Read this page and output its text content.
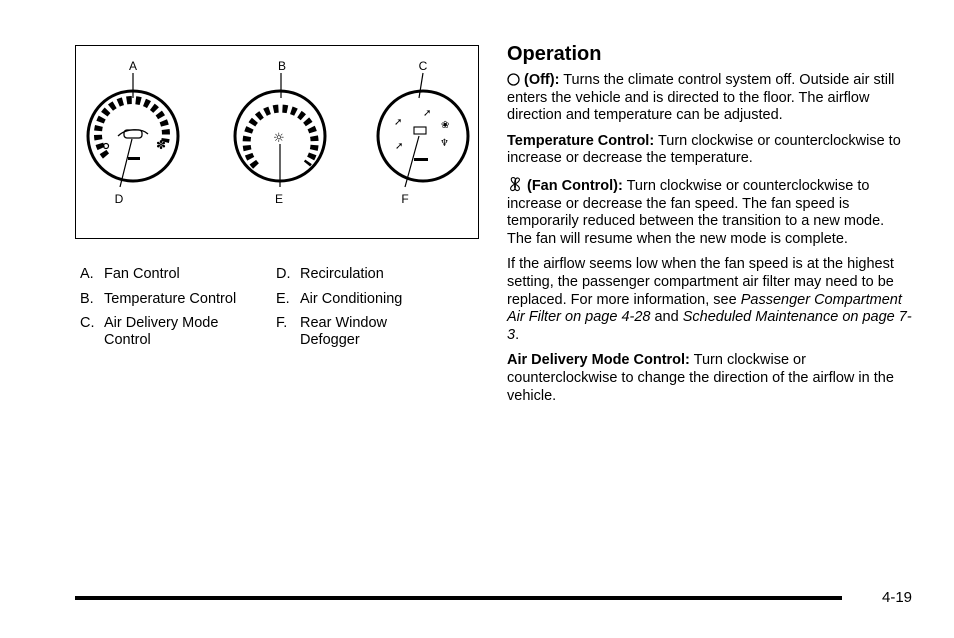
✽	☼
➚
➚
❀
➚	♆
A	B	C
D	E	F
A. Fan Control
B. Temperature Control
C. Air Delivery Mode Control
D. Recirculation
E. Air Conditioning
F. Rear Window Defogger
Operation

(Off): Turns the climate control system off. Outside air still enters the vehicle and is directed to the floor. The airflow direction and temperature can be adjusted.

Temperature Control: Turn clockwise or counterclockwise to increase or decrease the temperature.

(Fan Control): Turn clockwise or counterclockwise to increase or decrease the fan speed. The fan speed is temporarily reduced between the transition to a new mode. The fan will resume when the new mode is complete.

If the airflow seems low when the fan speed is at the highest setting, the passenger compartment air filter may need to be replaced. For more information, see Passenger Compartment Air Filter on page 4-28 and Scheduled Maintenance on page 7-3.

Air Delivery Mode Control: Turn clockwise or counterclockwise to change the direction of the airflow in the vehicle.

4-19
